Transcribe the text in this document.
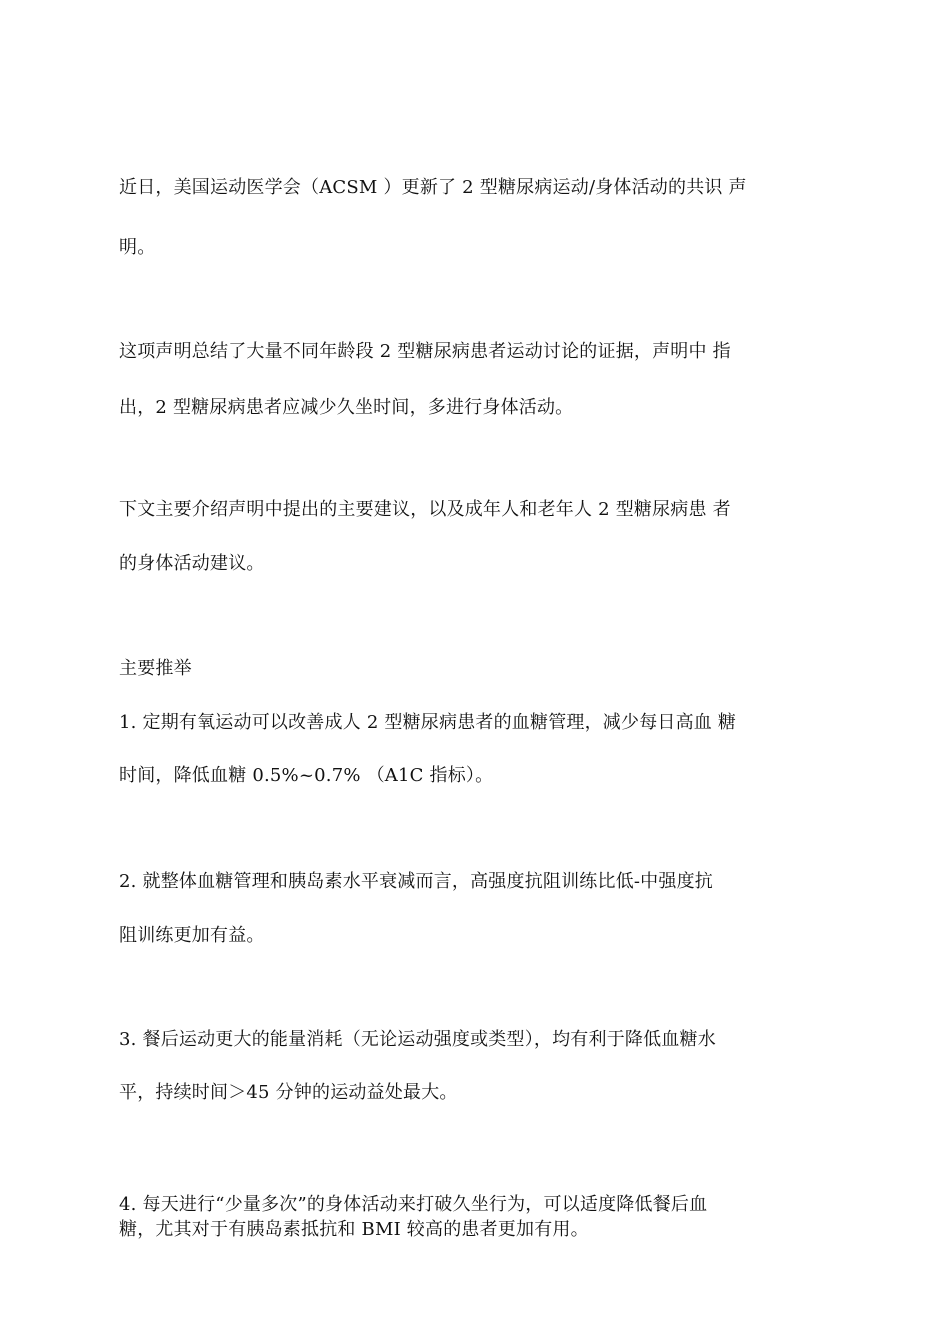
近日，美国运动医学会（ACSM ）更新了 2 型糖尿病运动/身体活动的共识 声
明。
这项声明总结了大量不同年龄段 2 型糖尿病患者运动讨论的证据，声明中 指
出，2 型糖尿病患者应减少久坐时间，多进行身体活动。
下文主要介绍声明中提出的主要建议，以及成年人和老年人 2 型糖尿病患 者
的身体活动建议。
主要推举
1. 定期有氧运动可以改善成人 2 型糖尿病患者的血糖管理，减少每日高血 糖
时间，降低血糖 0.5%~0.7% （A1C 指标）。
2. 就整体血糖管理和胰岛素水平衰减而言，高强度抗阻训练比低-中强度抗
阻训练更加有益。
3. 餐后运动更大的能量消耗（无论运动强度或类型），均有利于降低血糖水
平，持续时间＞45 分钟的运动益处最大。
4. 每天进行“少量多次”的身体活动来打破久坐行为，可以适度降低餐后血
糖，尤其对于有胰岛素抵抗和 BMI 较高的患者更加有用。
